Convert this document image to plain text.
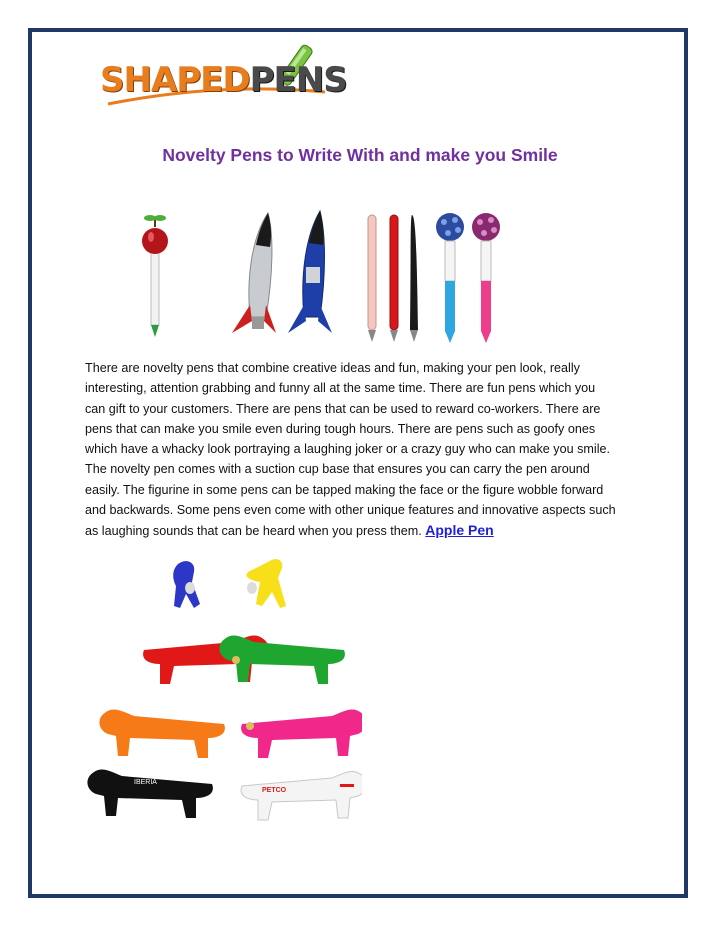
SHAPEDPENS
Novelty Pens to Write With and make you Smile
There are novelty pens that combine creative ideas and fun, making your pen look, really
interesting, attention grabbing and funny all at the same time. There are fun pens which you
can gift to your customers. There are pens that can be used to reward co-workers. There are
pens that can make you smile even during tough hours. There are pens such as goofy ones
which have a whacky look portraying a laughing joker or a crazy guy who can make you smile.
The novelty pen comes with a suction cup base that ensures you can carry the pen around
easily. The figurine in some pens can be tapped making the face or the figure wobble forward
and backwards. Some pens even come with other unique features and innovative aspects such
as laughing sounds that can be heard when you press them. Apple Pen
IBERIA
PETCO
